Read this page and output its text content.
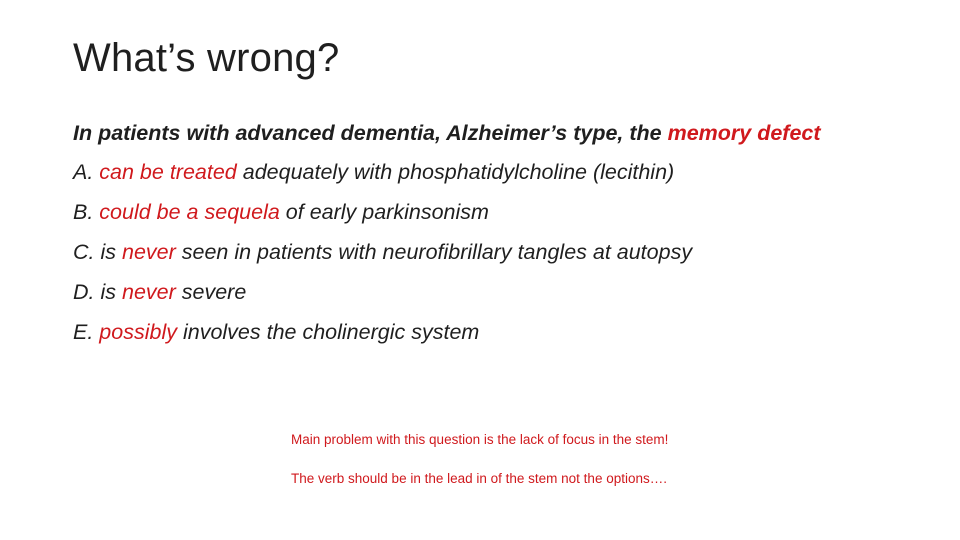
What’s wrong?
In patients with advanced dementia, Alzheimer’s type, the memory defect
A. can be treated adequately with phosphatidylcholine (lecithin)
B. could be a sequela of early parkinsonism
C. is never seen in patients with neurofibrillary tangles at autopsy
D. is never severe
E. possibly involves the cholinergic system

Main problem with this question is the lack of focus in the stem!

The verb should be in the lead in of the stem not the options….
